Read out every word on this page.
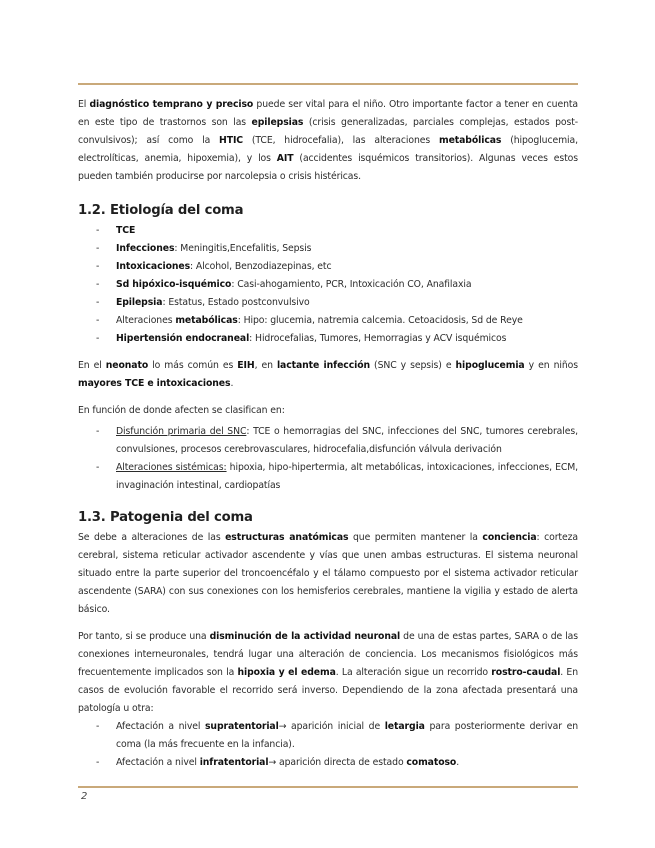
El diagnóstico temprano y preciso puede ser vital para el niño. Otro importante factor a tener en cuenta en este tipo de trastornos son las epilepsias (crisis generalizadas, parciales complejas, estados post-convulsivos); así como la HTIC (TCE, hidrocefalia), las alteraciones metabólicas (hipoglucemia, electrolíticas, anemia, hipoxemia), y los AIT (accidentes isquémicos transitorios). Algunas veces estos pueden también producirse por narcolepsia o crisis histéricas.

1.2. Etiología del coma
- TCE
- Infecciones: Meningitis,Encefalitis, Sepsis
- Intoxicaciones: Alcohol, Benzodiazepinas, etc
- Sd hipóxico-isquémico: Casi-ahogamiento, PCR, Intoxicación CO, Anafilaxia
- Epilepsia: Estatus, Estado postconvulsivo
- Alteraciones metabólicas: Hipo: glucemia, natremia calcemia. Cetoacidosis, Sd de Reye
- Hipertensión endocraneal: Hidrocefalias, Tumores, Hemorragias y ACV isquémicos

En el neonato lo más común es EIH, en lactante infección (SNC y sepsis) e hipoglucemia y en niños mayores TCE e intoxicaciones.

En función de donde afecten se clasifican en:

- Disfunción primaria del SNC: TCE o hemorragias del SNC, infecciones del SNC, tumores cerebrales, convulsiones, procesos cerebrovasculares, hidrocefalia,disfunción válvula derivación
- Alteraciones sistémicas: hipoxia, hipo-hipertermia, alt metabólicas, intoxicaciones, infecciones, ECM, invaginación intestinal, cardiopatías
1.3. Patogenia del coma

Se debe a alteraciones de las estructuras anatómicas que permiten mantener la conciencia: corteza cerebral, sistema reticular activador ascendente y vías que unen ambas estructuras. El sistema neuronal situado entre la parte superior del troncoencéfalo y el tálamo compuesto por el sistema activador reticular ascendente (SARA) con sus conexiones con los hemisferios cerebrales, mantiene la vigilia y estado de alerta básico.

Por tanto, si se produce una disminución de la actividad neuronal de una de estas partes, SARA o de las conexiones interneuronales, tendrá lugar una alteración de conciencia. Los mecanismos fisiológicos más frecuentemente implicados son la hipoxia y el edema. La alteración sigue un recorrido rostro-caudal. En casos de evolución favorable el recorrido será inverso. Dependiendo de la zona afectada presentará una patología u otra:

- Afectación a nivel supratentorial→ aparición inicial de letargia para posteriormente derivar en coma (la más frecuente en la infancia).
- Afectación a nivel infratentorial→ aparición directa de estado comatoso.
2
